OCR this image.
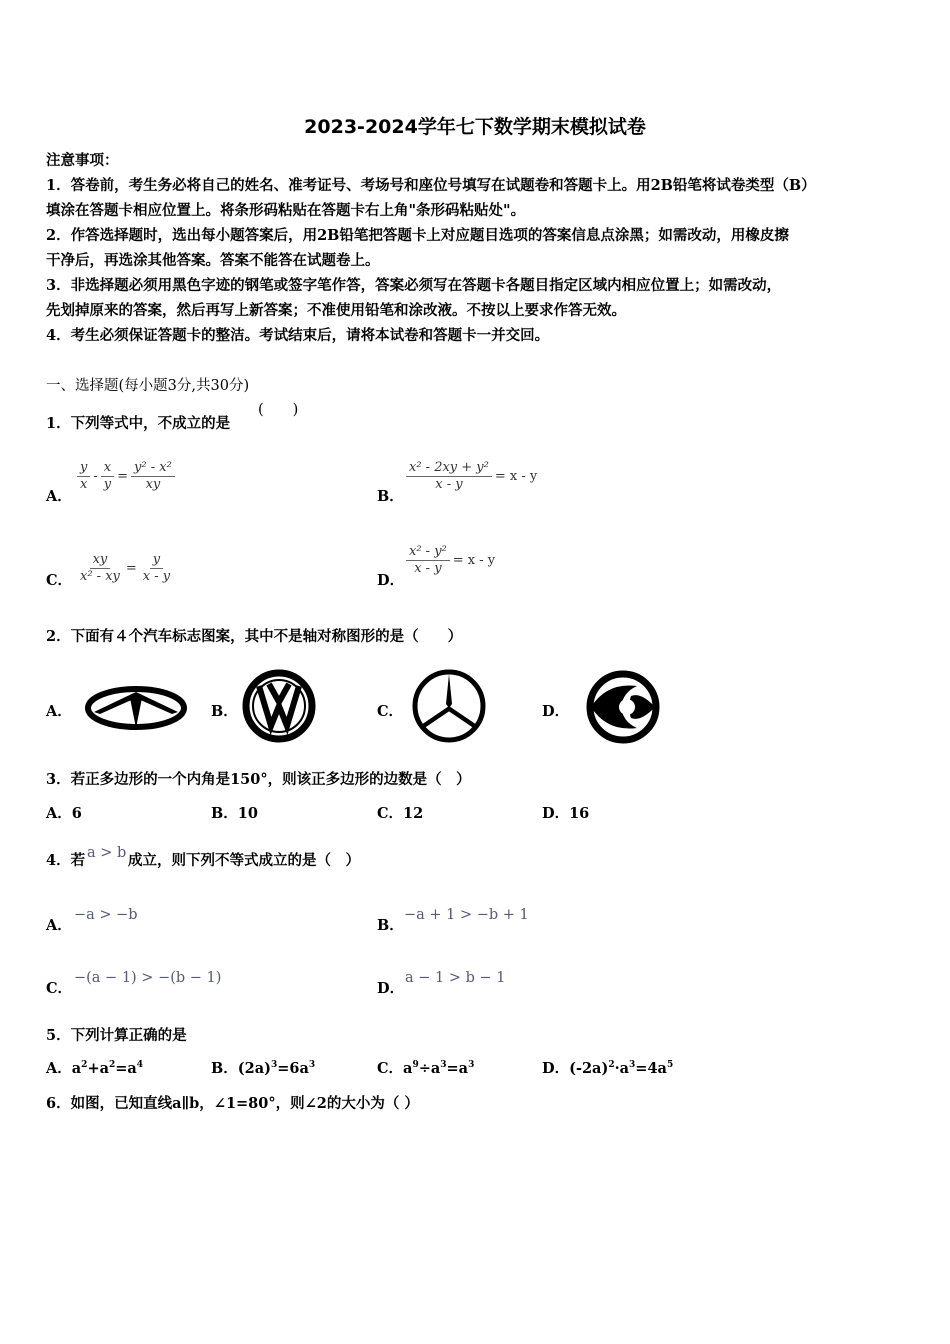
2023-2024学年七下数学期末模拟试卷
注意事项：
1．答卷前，考生务必将自己的姓名、准考证号、考场号和座位号填写在试题卷和答题卡上。用2B铅笔将试卷类型（B）
填涂在答题卡相应位置上。将条形码粘贴在答题卡右上角"条形码粘贴处"。
2．作答选择题时，选出每小题答案后，用2B铅笔把答题卡上对应题目选项的答案信息点涂黑；如需改动，用橡皮擦
干净后，再选涂其他答案。答案不能答在试题卷上。
3．非选择题必须用黑色字迹的钢笔或签字笔作答，答案必须写在答题卡各题目指定区域内相应位置上；如需改动，
先划掉原来的答案，然后再写上新答案；不准使用铅笔和涂改液。不按以上要求作答无效。
4．考生必须保证答题卡的整洁。考试结束后，请将本试卷和答题卡一并交回。
一、选择题(每小题3分,共30分)
1．下列等式中，不成立的是
(　　)
A．
$\frac{y}{x} - \frac{x}{y} = \frac{\text{y² - x²}}{xy}$
B．
$\frac{\text{x² - 2xy + y²}}{x - y} = x - y$
C． $\frac{xy}{\text{x² - xy}} = \frac{y}{x - y}$	D．
$\frac{\text{x² - y²}}{x - y} = x - y$
2．下面有４个汽车标志图案，其中不是轴对称图形的是（　　）
A．	B．	C．	D．
3．若正多边形的一个内角是150°，则该正多边形的边数是（　）
A．6	B．10	C．12	D．16
4．若 a > b 成立，则下列不等式成立的是（　）
A．
−a > −b
B．
−a + 1 > −b + 1
C．
−(a − 1) > −(b − 1)
D．
a − 1 > b − 1
5．下列计算正确的是
A．$a^2+a^2=a^4$	B．$(2a)^3=6a^3$	C．$a^9\div a^3=a^3$	D．$(-2a)^2\cdot a^3=4a^5$
6．如图，已知直线a∥b，∠1=80°，则∠2的大小为（ ）
